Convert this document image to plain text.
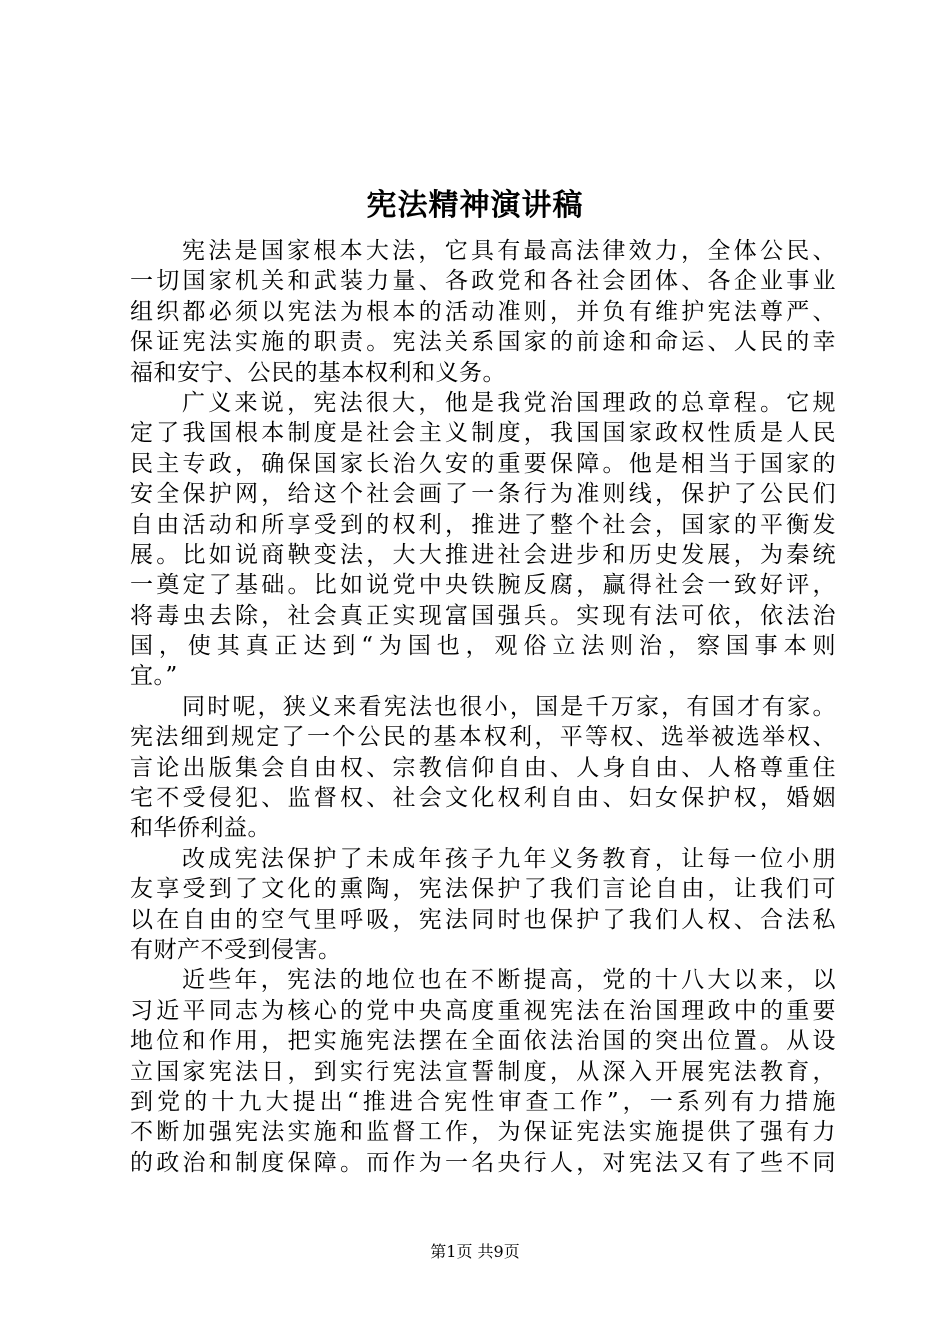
宪法精神演讲稿
宪法是国家根本大法，它具有最高法律效力，全体公民、
一切国家机关和武装力量、各政党和各社会团体、各企业事业
组织都必须以宪法为根本的活动准则，并负有维护宪法尊严、
保证宪法实施的职责。宪法关系国家的前途和命运、人民的幸
福和安宁、公民的基本权利和义务。
广义来说，宪法很大，他是我党治国理政的总章程。它规
定了我国根本制度是社会主义制度，我国国家政权性质是人民
民主专政，确保国家长治久安的重要保障。他是相当于国家的
安全保护网，给这个社会画了一条行为准则线，保护了公民们
自由活动和所享受到的权利，推进了整个社会，国家的平衡发
展。比如说商鞅变法，大大推进社会进步和历史发展，为秦统
一奠定了基础。比如说党中央铁腕反腐，赢得社会一致好评，
将毒虫去除，社会真正实现富国强兵。实现有法可依，依法治
国，使其真正达到“为国也，观俗立法则治，察国事本则
宜。”
同时呢，狭义来看宪法也很小，国是千万家，有国才有家。
宪法细到规定了一个公民的基本权利，平等权、选举被选举权、
言论出版集会自由权、宗教信仰自由、人身自由、人格尊重住
宅不受侵犯、监督权、社会文化权利自由、妇女保护权，婚姻
和华侨利益。
改成宪法保护了未成年孩子九年义务教育，让每一位小朋
友享受到了文化的熏陶，宪法保护了我们言论自由，让我们可
以在自由的空气里呼吸，宪法同时也保护了我们人权、合法私
有财产不受到侵害。
近些年，宪法的地位也在不断提高，党的十八大以来，以
习近平同志为核心的党中央高度重视宪法在治国理政中的重要
地位和作用，把实施宪法摆在全面依法治国的突出位置。从设
立国家宪法日，到实行宪法宣誓制度，从深入开展宪法教育，
到党的十九大提出“推进合宪性审查工作”，一系列有力措施
不断加强宪法实施和监督工作，为保证宪法实施提供了强有力
的政治和制度保障。而作为一名央行人，对宪法又有了些不同
第1页 共9页
